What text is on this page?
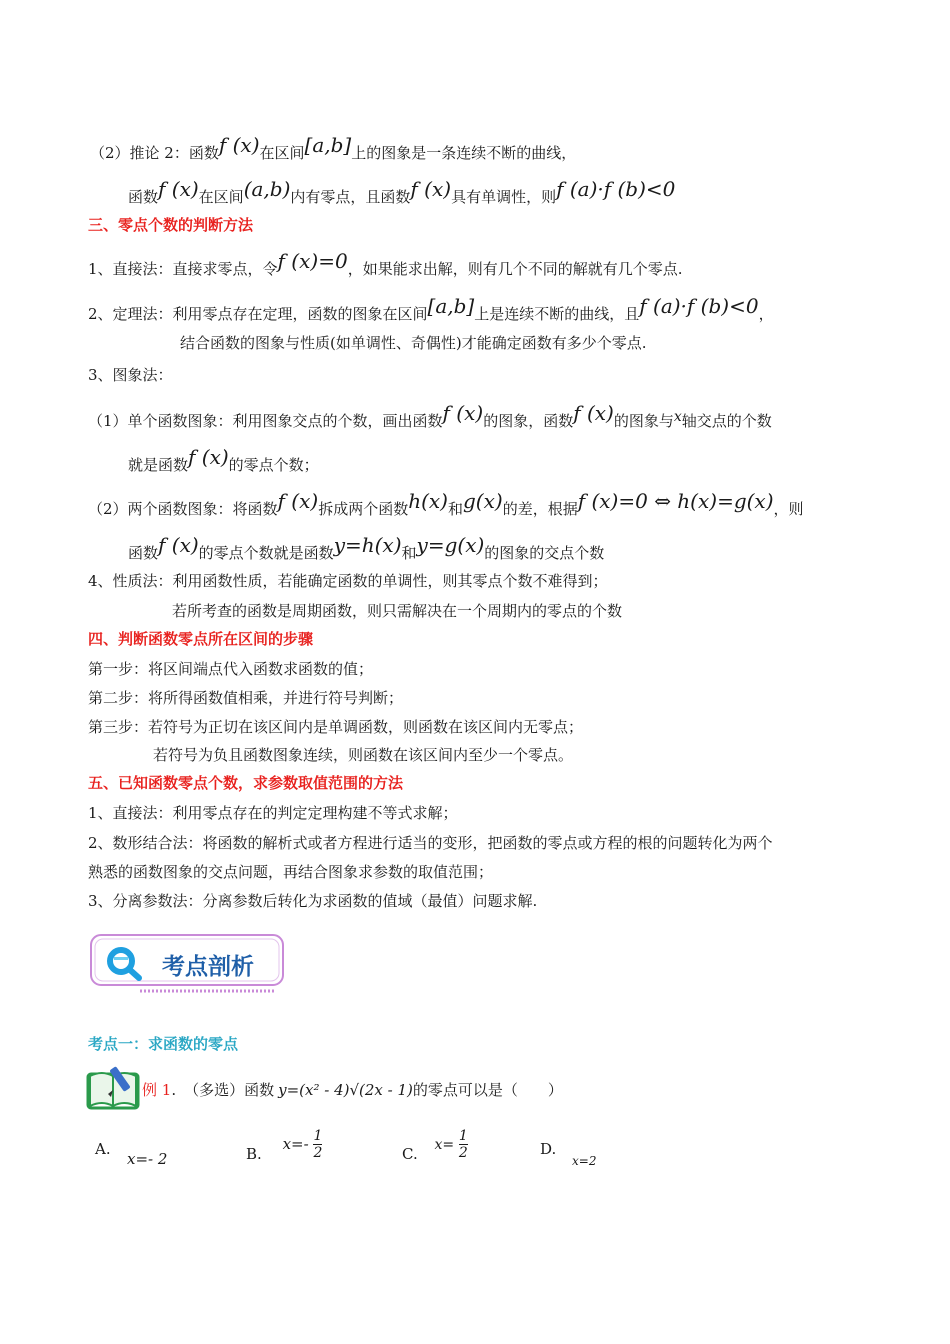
（2）推论 2：函数f (x)在区间[a,b]上的图象是一条连续不断的曲线，
函数f (x)在区间(a,b)内有零点，且函数f (x)具有单调性，则f (a)·f (b)<0
三、零点个数的判断方法
1、直接法：直接求零点，令f (x)=0，如果能求出解，则有几个不同的解就有几个零点.
2、定理法：利用零点存在定理，函数的图象在区间[a,b]上是连续不断的曲线，且f (a)·f (b)<0，
结合函数的图象与性质(如单调性、奇偶性)才能确定函数有多少个零点.
3、图象法：
（1）单个函数图象：利用图象交点的个数，画出函数f (x)的图象，函数f (x)的图象与x轴交点的个数
就是函数f (x)的零点个数；
（2）两个函数图象：将函数f (x)拆成两个函数h(x)和g(x)的差，根据f (x)=0 ⇔ h(x)=g(x)，则
函数f (x)的零点个数就是函数y=h(x)和y=g(x)的图象的交点个数
4、性质法：利用函数性质，若能确定函数的单调性，则其零点个数不难得到；
若所考查的函数是周期函数，则只需解决在一个周期内的零点的个数
四、判断函数零点所在区间的步骤
第一步：将区间端点代入函数求函数的值；
第二步：将所得函数值相乘，并进行符号判断；
第三步：若符号为正切在该区间内是单调函数，则函数在该区间内无零点；
若符号为负且函数图象连续，则函数在该区间内至少一个零点。
五、已知函数零点个数，求参数取值范围的方法
1、直接法：利用零点存在的判定定理构建不等式求解；
2、数形结合法：将函数的解析式或者方程进行适当的变形，把函数的零点或方程的根的问题转化为两个
熟悉的函数图象的交点问题，再结合图象求参数的取值范围；
3、分离参数法：分离参数后转化为求函数的值域（最值）问题求解.
考点剖析
考点一：求函数的零点
例 1. （多选）函数 y=(x² - 4)√(2x - 1)的零点可以是（　　）
A.
x=- 2	B. $x=- \frac{1}{2}$	C. $x= \frac{1}{2}$	D.
x=2
